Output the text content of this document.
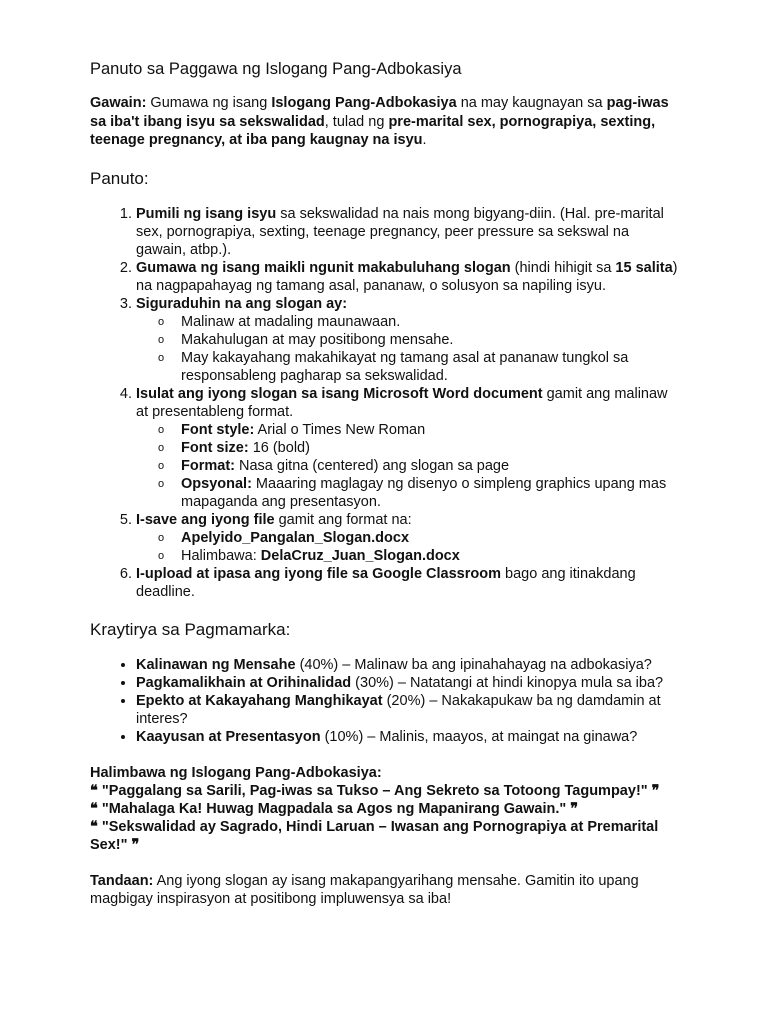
Panuto sa Paggawa ng Islogang Pang-Adbokasiya

Gawain: Gumawa ng isang Islogang Pang-Adbokasiya na may kaugnayan sa pag-iwas sa iba't ibang isyu sa sekswalidad, tulad ng pre-marital sex, pornograpiya, sexting, teenage pregnancy, at iba pang kaugnay na isyu.

Panuto:
1. Pumili ng isang isyu sa sekswalidad na nais mong bigyang-diin. (Hal. pre-marital sex, pornograpiya, sexting, teenage pregnancy, peer pressure sa sekswal na gawain, atbp.).
2. Gumawa ng isang maikli ngunit makabuluhang slogan (hindi hihigit sa 15 salita) na nagpapahayag ng tamang asal, pananaw, o solusyon sa napiling isyu.
3. Siguraduhin na ang slogan ay:
o Malinaw at madaling maunawaan.
o Makahulugan at may positibong mensahe.
o May kakayahang makahikayat ng tamang asal at pananaw tungkol sa responsableng pagharap sa sekswalidad.
4. Isulat ang iyong slogan sa isang Microsoft Word document gamit ang malinaw at presentableng format.
o Font style: Arial o Times New Roman
o Font size: 16 (bold)
o Format: Nasa gitna (centered) ang slogan sa page
o Opsyonal: Maaaring maglagay ng disenyo o simpleng graphics upang mas mapaganda ang presentasyon.
5. I-save ang iyong file gamit ang format na:
o Apelyido_Pangalan_Slogan.docx
o Halimbawa: DelaCruz_Juan_Slogan.docx
6. I-upload at ipasa ang iyong file sa Google Classroom bago ang itinakdang deadline.
Kraytirya sa Pagmamarka:
• Kalinawan ng Mensahe (40%) – Malinaw ba ang ipinahahayag na adbokasiya?
• Pagkamalikhain at Orihinalidad (30%) – Natatangi at hindi kinopya mula sa iba?
• Epekto at Kakayahang Manghikayat (20%) – Nakakapukaw ba ng damdamin at interes?
• Kaayusan at Presentasyon (10%) – Malinis, maayos, at maingat na ginawa?

Halimbawa ng Islogang Pang-Adbokasiya:

❝ "Paggalang sa Sarili, Pag-iwas sa Tukso – Ang Sekreto sa Totoong Tagumpay!" ❞

❝ "Mahalaga Ka! Huwag Magpadala sa Agos ng Mapanirang Gawain." ❞

❝ "Sekswalidad ay Sagrado, Hindi Laruan – Iwasan ang Pornograpiya at Premarital Sex!" ❞

Tandaan: Ang iyong slogan ay isang makapangyarihang mensahe. Gamitin ito upang magbigay inspirasyon at positibong impluwensya sa iba!
